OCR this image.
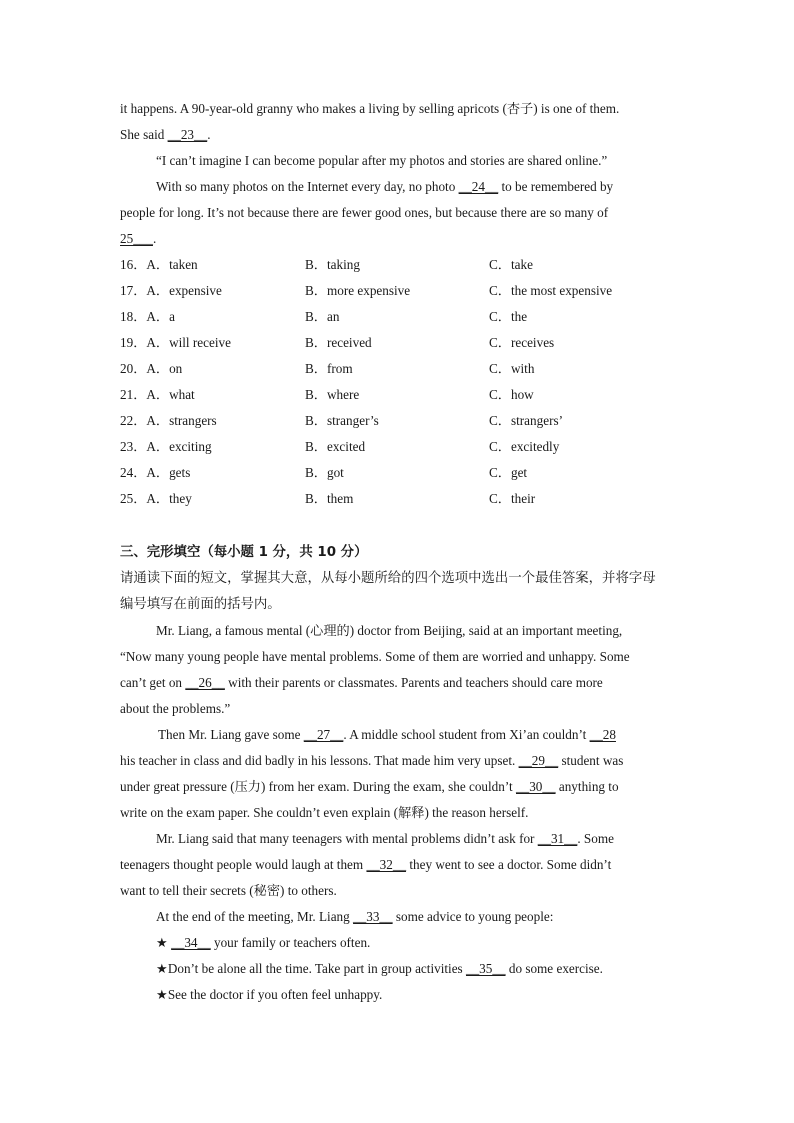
it happens. A 90-year-old granny who makes a living by selling apricots (杏子) is one of them.
She said __23__.
“I can’t imagine I can become popular after my photos and stories are shared online.”
With so many photos on the Internet every day, no photo __24__ to be remembered by
people for long. It’s not because there are fewer good ones, but because there are so many of
25___.
16．A．taken	B．taking	C．take
17．A．expensive	B．more expensive	C．the most expensive
18．A．a	B．an	C．the
19．A．will receive	B．received	C．receives
20．A．on	B．from	C．with
21．A．what	B．where	C．how
22．A．strangers	B．stranger’s	C．strangers’
23．A．exciting	B．excited	C．excitedly
24．A．gets	B．got	C．get
25．A．they	B．them	C．their
三、完形填空（每小题 1 分，共 10 分）
请通读下面的短文，掌握其大意，从每小题所给的四个选项中选出一个最佳答案，并将字母
编号填写在前面的括号内。
Mr. Liang, a famous mental (心理的) doctor from Beijing, said at an important meeting,
“Now many young people have mental problems. Some of them are worried and unhappy. Some
can’t get on __26__ with their parents or classmates. Parents and teachers should care more
about the problems.”
Then Mr. Liang gave some __27__. A middle school student from Xi’an couldn’t __28
his teacher in class and did badly in his lessons. That made him very upset. __29__ student was
under great pressure (压力) from her exam. During the exam, she couldn’t __30__ anything to
write on the exam paper. She couldn’t even explain (解释) the reason herself.
Mr. Liang said that many teenagers with mental problems didn’t ask for __31__. Some
teenagers thought people would laugh at them __32__ they went to see a doctor. Some didn’t
want to tell their secrets (秘密) to others.
At the end of the meeting, Mr. Liang __33__ some advice to young people:
★ __34__ your family or teachers often.
★Don’t be alone all the time. Take part in group activities __35__ do some exercise.
★See the doctor if you often feel unhappy.
